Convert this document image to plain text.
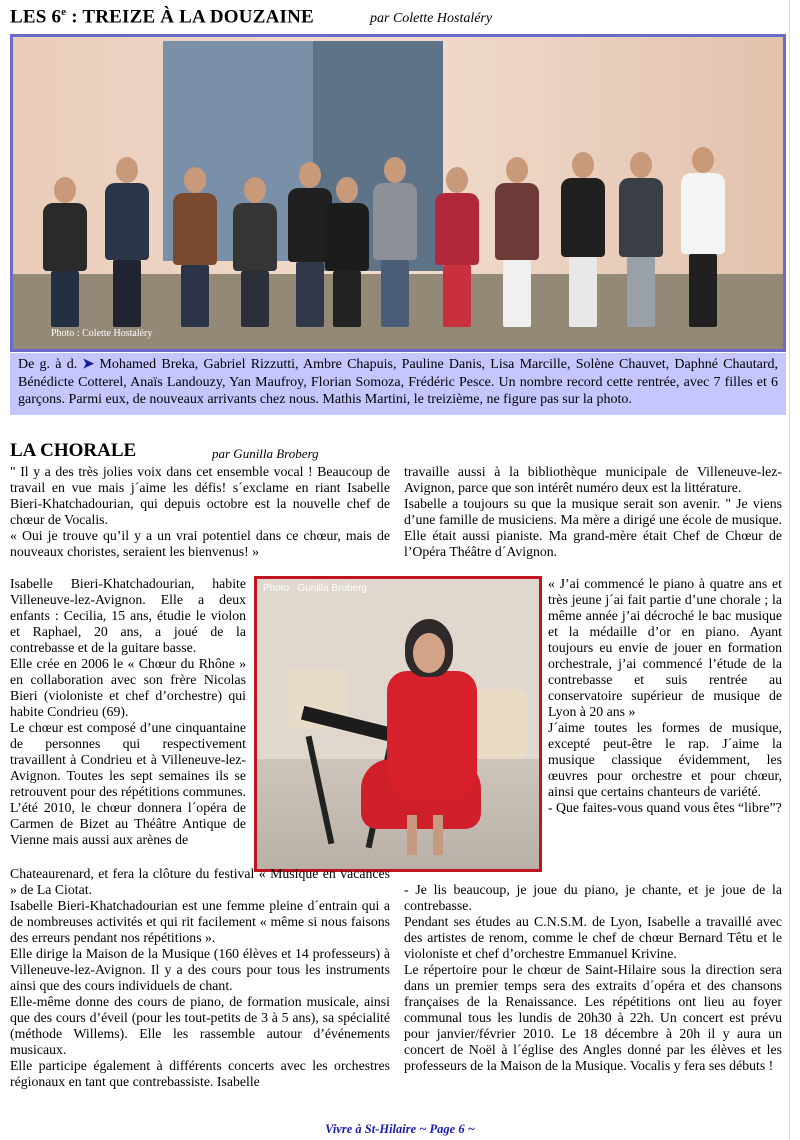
LES 6e : TREIZE À LA DOUZAINE	par Colette Hostaléry
Photo : Colette Hostaléry
De g. à d. ➤ Mohamed Breka, Gabriel Rizzutti, Ambre Chapuis, Pauline Danis, Lisa Marcille, Solène Chauvet, Daphné Chautard, Bénédicte Cotterel, Anaïs Landouzy, Yan Maufroy, Florian Somoza, Frédéric Pesce. Un nombre record cette rentrée, avec 7 filles et 6 garçons. Parmi eux, de nouveaux arrivants chez nous. Mathis Martini, le treizième, ne figure pas sur la photo.
LA CHORALE	par Gunilla Broberg

" Il y a des très jolies voix dans cet ensemble vocal ! Beaucoup de travail en vue mais j´aime les défis! s´exclame en riant Isabelle Bieri-Khatchadourian, qui depuis octobre est la nouvelle chef de chœur de Vocalis.

« Oui je trouve qu’il y a un vrai potentiel dans ce chœur, mais de nouveaux choristes, seraient les bienvenus! »

Isabelle Bieri-Khatchadourian, habite Villeneuve-lez-Avignon. Elle a deux enfants : Cecilia, 15 ans, étudie le violon et Raphael, 20 ans, a joué de la contrebasse et de la guitare basse.

Elle crée en 2006 le « Chœur du Rhône » en collaboration avec son frère Nicolas Bieri (violoniste et chef d’orchestre) qui habite Condrieu (69).

Le chœur est composé d’une cinquantaine de personnes qui respectivement travaillent à Condrieu et à Villeneuve-lez-Avignon. Toutes les sept semaines ils se retrouvent pour des répétitions communes. L’été 2010, le chœur donnera l´opéra de Carmen de Bizet au Théâtre Antique de Vienne mais aussi aux arènes de

Photo : Gunilla Broberg

Chateaurenard, et fera la clôture du festival « Musique en vacances » de La Ciotat.

Isabelle Bieri-Khatchadourian est une femme pleine d´entrain qui a de nombreuses activités et qui rit facilement « même si nous faisons des erreurs pendant nos répétitions ».

Elle dirige la Maison de la Musique (160 élèves et 14 professeurs) à Villeneuve-lez-Avignon. Il y a des cours pour tous les instruments ainsi que des cours individuels de chant.

Elle-même donne des cours de piano, de formation musicale, ainsi que des cours d’éveil (pour les tout-petits de 3 à 5 ans), sa spécialité (méthode Willems). Elle les rassemble autour d’événements musicaux.

Elle participe également à différents concerts avec les orchestres régionaux en tant que contrebassiste. Isabelle

travaille aussi à la bibliothèque municipale de Villeneuve-lez-Avignon, parce que son intérêt numéro deux est la littérature.

Isabelle a toujours su que la musique serait son avenir. " Je viens d’une famille de musiciens. Ma mère a dirigé une école de musique. Elle était aussi pianiste. Ma grand-mère était Chef de Chœur de l’Opéra Théâtre d´Avignon.

« J’ai commencé le piano à quatre ans et très jeune j´ai fait partie d’une chorale ; la même année j’ai décroché le bac musique et la médaille d’or en piano. Ayant toujours eu envie de jouer en formation orchestrale, j’ai commencé l’étude de la contrebasse et suis rentrée au conservatoire supérieur de musique de Lyon à 20 ans »

J´aime toutes les formes de musique, excepté peut-être le rap. J´aime la musique classique évidemment, les œuvres pour orchestre et pour chœur, ainsi que certains chanteurs de variété.

- Que faites-vous quand vous êtes “libre”?

- Je lis beaucoup, je joue du piano, je chante, et je joue de la contrebasse.

Pendant ses études au C.N.S.M. de Lyon, Isabelle a travaillé avec des artistes de renom, comme le chef de chœur Bernard Têtu et le violoniste et chef d’orchestre Emmanuel Krivine.

Le répertoire pour le chœur de Saint-Hilaire sous la direction sera dans un premier temps sera des extraits d´opéra et des chansons françaises de la Renaissance. Les répétitions ont lieu au foyer communal tous les lundis de 20h30 à 22h. Un concert est prévu pour janvier/février 2010. Le 18 décembre à 20h il y aura un concert de Noël à l´église des Angles donné par les élèves et les professeurs de la Maison de la Musique. Vocalis y fera ses débuts !

Vivre à St-Hilaire ~ Page 6 ~
